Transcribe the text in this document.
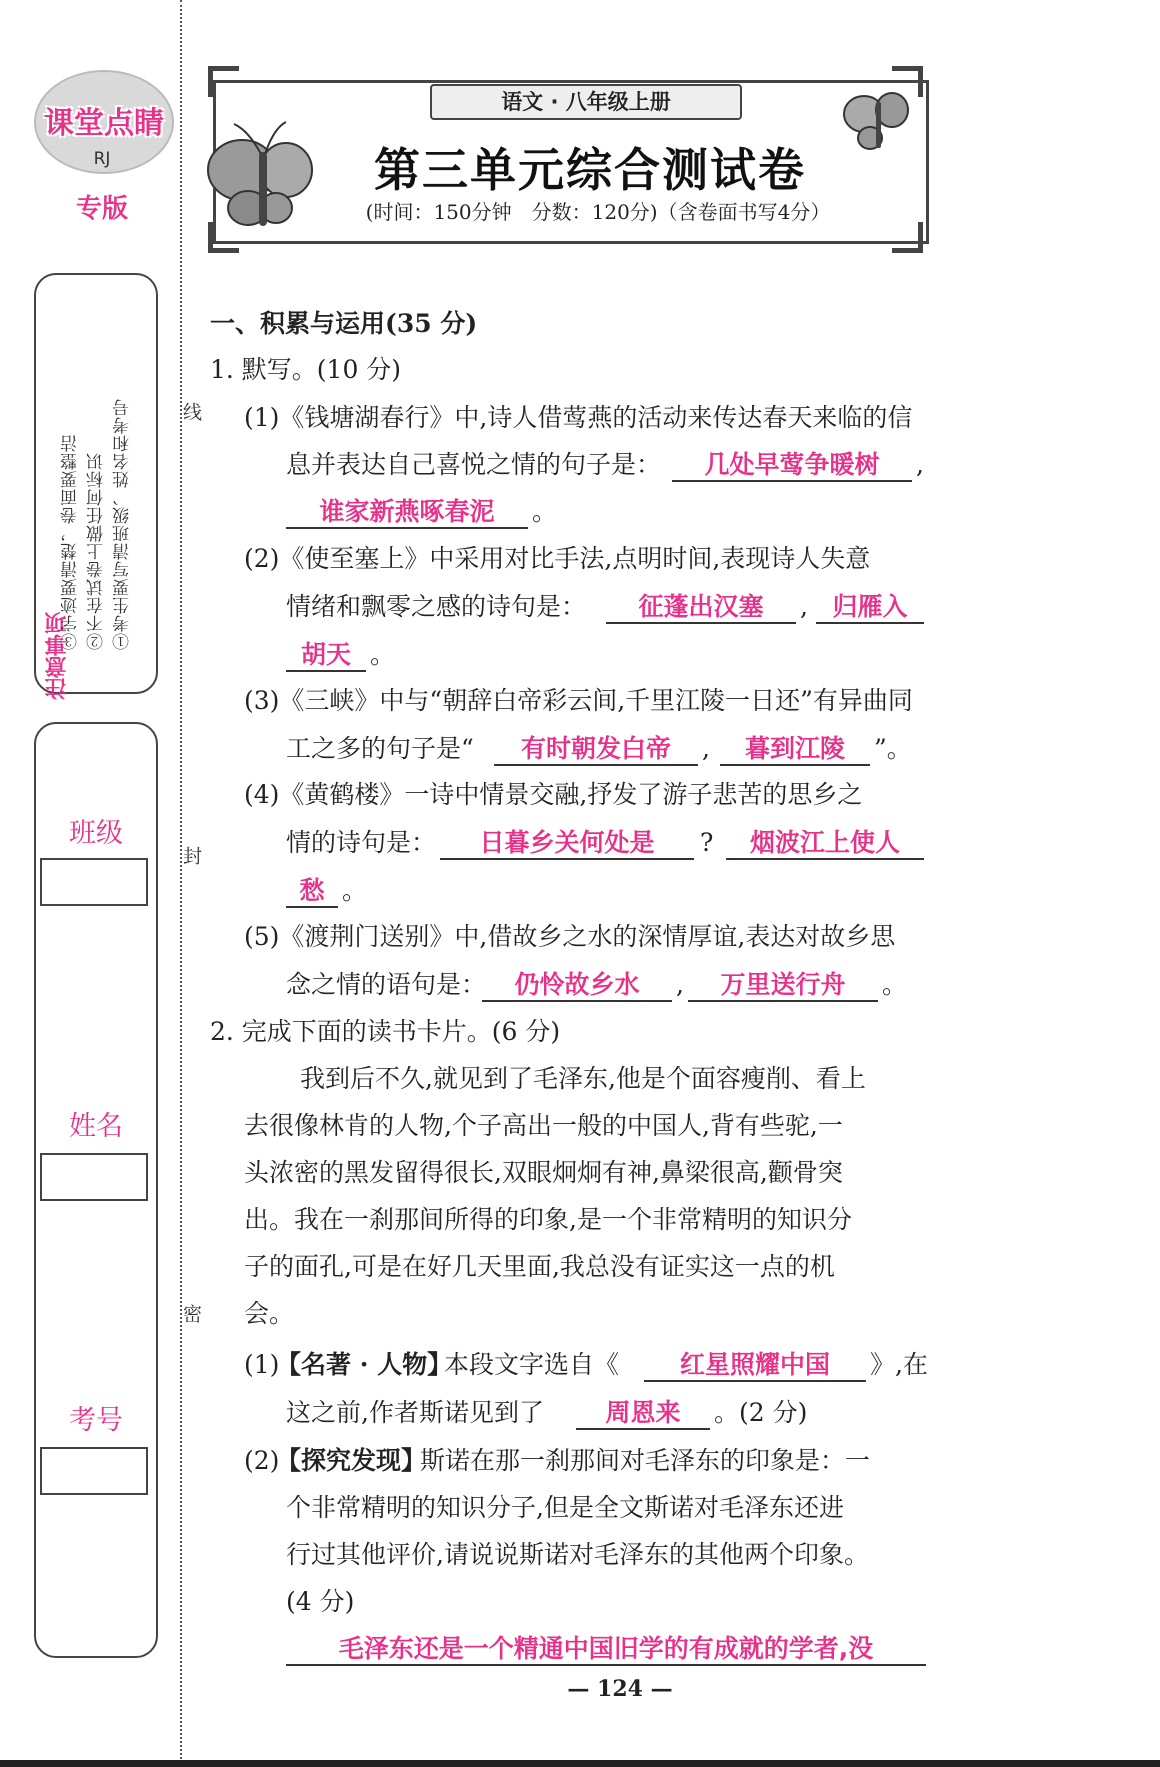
线
封
密
课堂点睛
RJ
专版
注意事项
①考生要写清班级、姓名和考号
②不在试卷上做任何标识
③字迹要清楚，卷面要整洁
班级
姓名
考号
语文 · 八年级上册
第三单元综合测试卷
(时间：150分钟　分数：120分)（含卷面书写4分）
一、积累与运用(35 分)
1. 默写。(10 分)
(1)《钱塘湖春行》中,诗人借莺燕的活动来传达春天来临的信
息并表达自己喜悦之情的句子是：	几处早莺争暖树	,
谁家新燕啄春泥	。
(2)《使至塞上》中采用对比手法,点明时间,表现诗人失意
情绪和飘零之感的诗句是：	征蓬出汉塞	, 归雁入
胡天 。
(3)《三峡》中与“朝辞白帝彩云间,千里江陵一日还”有异曲同
工之多的句子是“	有时朝发白帝	,	暮到江陵	”。
(4)《黄鹤楼》一诗中情景交融,抒发了游子悲苦的思乡之
情的诗句是：	日暮乡关何处是	?	烟波江上使人
愁 。
(5)《渡荆门送别》中,借故乡之水的深情厚谊,表达对故乡思
念之情的语句是：	仍怜故乡水	,	万里送行舟	。
2. 完成下面的读书卡片。(6 分)
我到后不久,就见到了毛泽东,他是个面容瘦削、看上
去很像林肯的人物,个子高出一般的中国人,背有些驼,一
头浓密的黑发留得很长,双眼炯炯有神,鼻梁很高,颧骨突
出。我在一刹那间所得的印象,是一个非常精明的知识分
子的面孔,可是在好几天里面,我总没有证实这一点的机
会。
(1)
【名著 · 人物】
本段文字选自《	红星照耀中国	》,在
这之前,作者斯诺见到了	周恩来	。(2 分)
(2)
【探究发现】
斯诺在那一刹那间对毛泽东的印象是：一
个非常精明的知识分子,但是全文斯诺对毛泽东还进
行过其他评价,请说说斯诺对毛泽东的其他两个印象。
(4 分)
毛泽东还是一个精通中国旧学的有成就的学者,没
— 124 —
